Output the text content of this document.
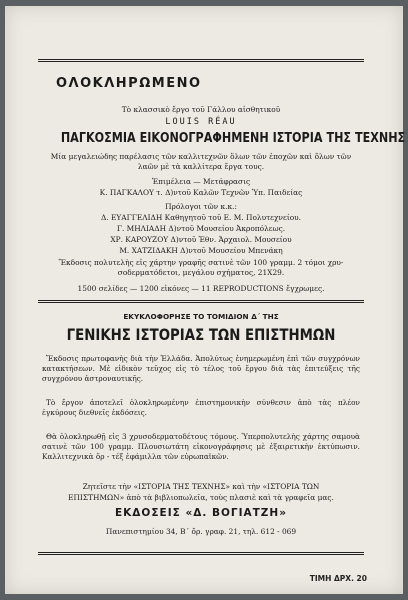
ΟΛΟΚΛΗΡΩΜΕΝΟ
Τὸ κλασσικὸ ἔργο τοῦ Γάλλου αἰσθητικοῦ
LOUIS RÉAU
ΠΑΓΚΟΣΜΙΑ ΕΙΚΟΝΟΓΡΑΦΗΜΕΝΗ ΙΣΤΟΡΙΑ ΤΗΣ ΤΕΧΝΗΣ
Μία μεγαλειώδης παρέλασις τῶν καλλιτεχνῶν ὅλων τῶν ἐποχῶν καὶ ὅλων τῶν
λαῶν μὲ τὰ καλλίτερα ἔργα τους.
Ἐπιμέλεια — Μετάφρασις
Κ. ΠΑΓΚΑΛΟΥ τ. Δ)ντοῦ Καλῶν Τεχνῶν Ὑπ. Παιδείας
Πρόλογοι τῶν κ.κ.:
Δ. ΕΥΑΓΓΕΛΙΔΗ Καθηγητοῦ τοῦ Ε. Μ. Πολυτεχνείου.
Γ. ΜΗΛΙΑΔΗ Δ)ντοῦ Μουσείου Ἀκροπόλεως.
ΧΡ. ΚΑΡΟΥΖΟΥ Δ)ντοῦ Ἐθν. Ἀρχαιολ. Μουσείου
Μ. ΧΑΤΖΙΔΑΚΗ Δ)ντοῦ Μουσείου Μπενάκη
Ἔκδοσις πολυτελὴς εἰς χάρτην γραφῆς σατινὲ τῶν 100 γραμμ. 2 τόμοι χρυ-
σοδερματόδετοι, μεγάλου σχήματος, 21Χ29.
1500 σελίδες — 1200 εἰκόνες — 11 REPRODUCTIONS ἔγχρωμες.
ΕΚΥΚΛΟΦΟΡΗΣΕ ΤΟ ΤΟΜΙΔΙΟΝ Δ΄ ΤΗΣ
ΓΕΝΙΚΗΣ ΙΣΤΟΡΙΑΣ ΤΩΝ ΕΠΙΣΤΗΜΩΝ
Ἔκδοσις πρωτοφανὴς διὰ τὴν Ἑλλάδα. Ἀπολύτως ἐνημερωμένη ἐπὶ τῶν συγχρόνων κατακτήσεων. Μὲ εἰδικὸν τεῦχος εἰς τὸ τέλος τοῦ ἔργου διὰ τὰς ἐπιτεύξεις τῆς συγχρόνου ἀστροναυτικῆς.
Τὸ ἔργον ἀποτελεῖ ὁλοκληρωμένην ἐπιστημονικὴν σύνθεσιν ἀπὸ τὰς πλέον ἐγκύρους διεθνεῖς ἐκδόσεις.
Θὰ ὁλοκληρωθῇ εἰς 3 χρυσοδερματοδέτους τόμους. Ὑπερπολυτελὴς χάρτης σαμουὰ σατινὲ τῶν 100 γραμμ. Πλουσιωτάτη εἰκονογράφησις μὲ ἐξαιρετικὴν ἐκτύπωσιν. Καλλιτεχνικὰ ὅρ - τέξ ἐφάμιλλα τῶν εὐρωπαϊκῶν.
Ζητεῖστε τὴν «ΙΣΤΟΡΙΑ ΤΗΣ ΤΕΧΝΗΣ» καὶ τὴν «ΙΣΤΟΡΙΑ ΤΩΝ
ΕΠΙΣΤΗΜΩΝ» ἀπὸ τὰ βιβλιοπωλεῖα, τοὺς πλασιὲ καὶ τὰ γραφεῖα μας.
ΕΚΔΟΣΕΙΣ «Δ. ΒΟΓΙΑΤΖΗ»
Πανεπιστημίου 34, Β΄ ὄρ. γραφ. 21, τηλ. 612 - 069
ΤΙΜΗ ΔΡΧ. 20
